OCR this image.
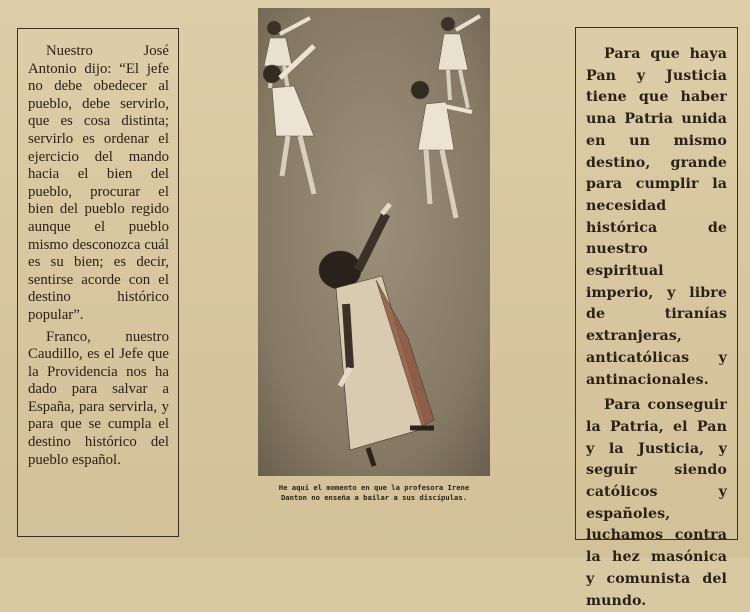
Nuestro José Antonio dijo: “El jefe no debe obedecer al pueblo, debe servirlo, que es cosa distinta; servirlo es ordenar el ejercicio del mando hacia el bien del pueblo, procurar el bien del pueblo regido aunque el pueblo mismo desconozca cuál es su bien; es decir, sentirse acorde con el destino histórico popular”.

Franco, nuestro Caudillo, es el Jefe que la Providencia nos ha dado para salvar a España, para servirla, y para que se cumpla el destino histórico del pueblo español.

He aquí el momento en que la profesora Irene
Danton no enseña a bailar a sus discípulas.

Para que haya Pan y Justicia tiene que haber una Patria unida en un mismo destino, grande para cumplir la necesidad histórica de nuestro espiritual imperio, y libre de tiranías extranjeras, anticatólicas y antinacionales.

Para conseguir la Patria, el Pan y la Justicia, y seguir siendo católicos y españoles, luchamos contra la hez masónica y comunista del mundo.
